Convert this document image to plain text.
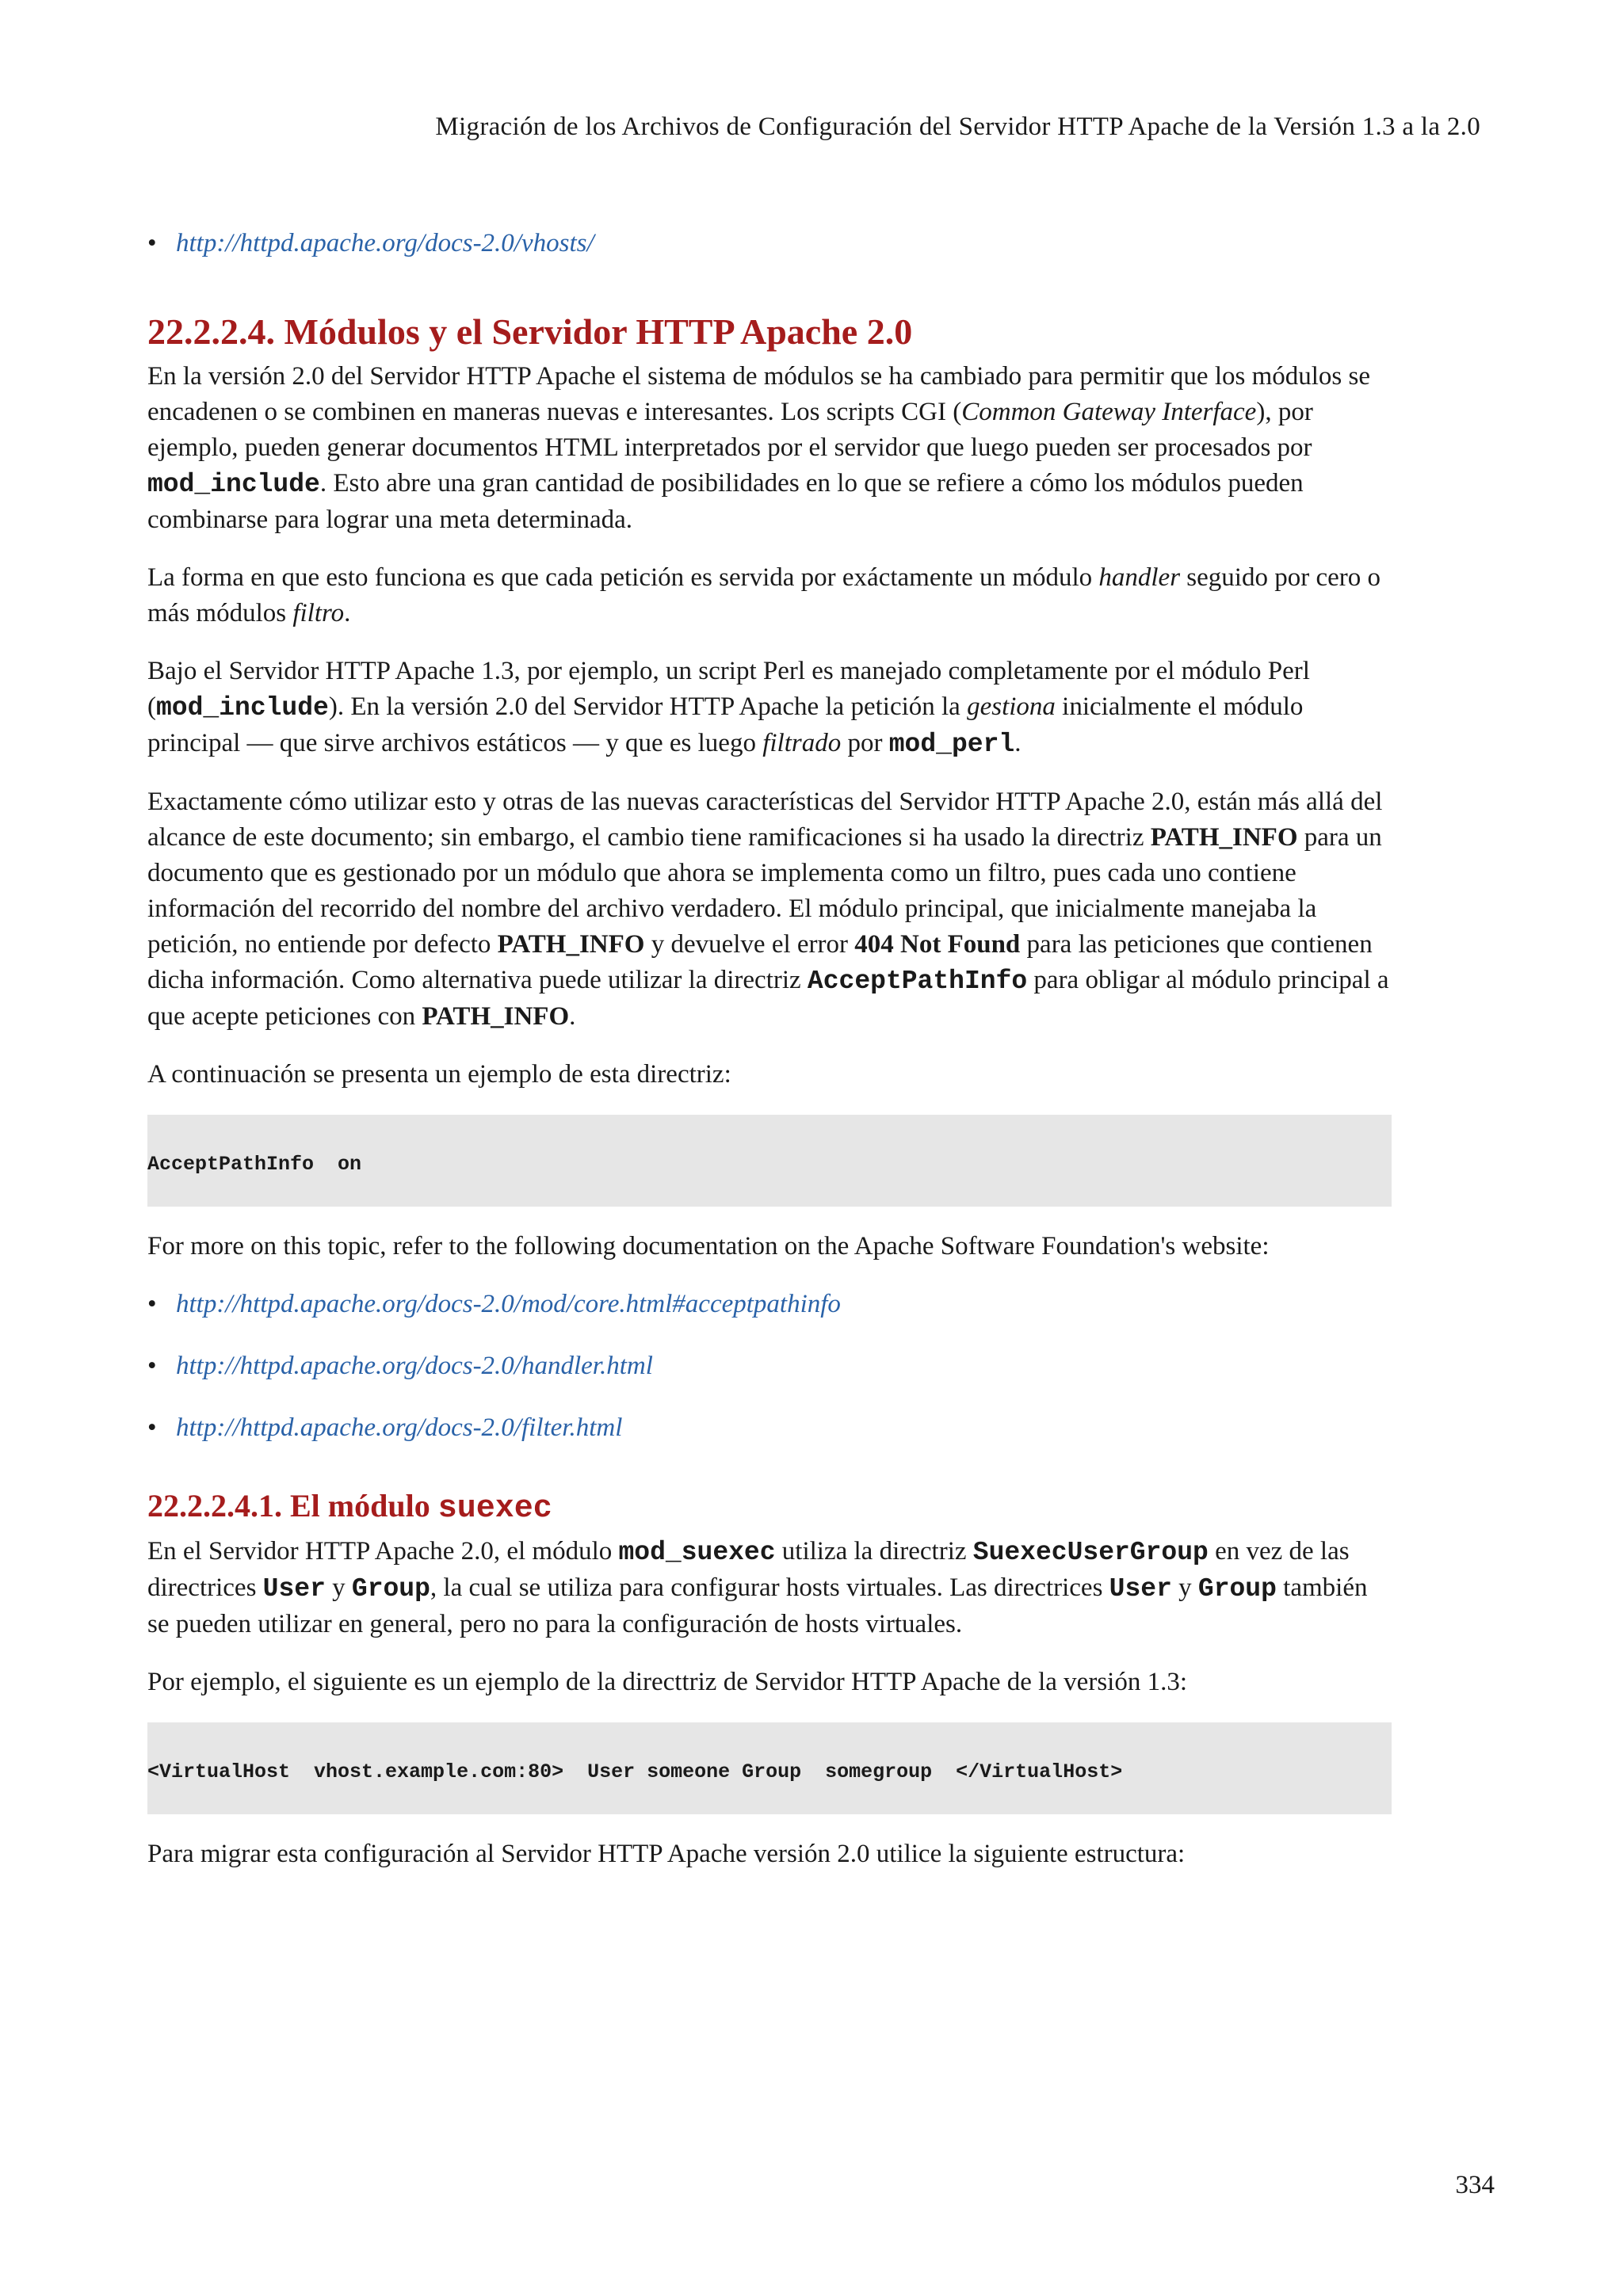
Migración de los Archivos de Configuración del Servidor HTTP Apache de la Versión 1.3 a la 2.0
• http://httpd.apache.org/docs-2.0/vhosts/
22.2.2.4. Módulos y el Servidor HTTP Apache 2.0

En la versión 2.0 del Servidor HTTP Apache el sistema de módulos se ha cambiado para permitir que los módulos se encadenen o se combinen en maneras nuevas e interesantes. Los scripts CGI (Common Gateway Interface), por ejemplo, pueden generar documentos HTML interpretados por el servidor que luego pueden ser procesados por mod_include. Esto abre una gran cantidad de posibilidades en lo que se refiere a cómo los módulos pueden combinarse para lograr una meta determinada.

La forma en que esto funciona es que cada petición es servida por exáctamente un módulo handler seguido por cero o más módulos filtro.

Bajo el Servidor HTTP Apache 1.3, por ejemplo, un script Perl es manejado completamente por el módulo Perl (mod_include). En la versión 2.0 del Servidor HTTP Apache la petición la gestiona inicialmente el módulo principal — que sirve archivos estáticos — y que es luego filtrado por mod_perl.

Exactamente cómo utilizar esto y otras de las nuevas características del Servidor HTTP Apache 2.0, están más allá del alcance de este documento; sin embargo, el cambio tiene ramificaciones si ha usado la directriz PATH_INFO para un documento que es gestionado por un módulo que ahora se implementa como un filtro, pues cada uno contiene información del recorrido del nombre del archivo verdadero. El módulo principal, que inicialmente manejaba la petición, no entiende por defecto PATH_INFO y devuelve el error 404 Not Found para las peticiones que contienen dicha información. Como alternativa puede utilizar la directriz AcceptPathInfo para obligar al módulo principal a que acepte peticiones con PATH_INFO.

A continuación se presenta un ejemplo de esta directriz:

AcceptPathInfo  on

For more on this topic, refer to the following documentation on the Apache Software Foundation's website:

• http://httpd.apache.org/docs-2.0/mod/core.html#acceptpathinfo
• http://httpd.apache.org/docs-2.0/handler.html
• http://httpd.apache.org/docs-2.0/filter.html
22.2.2.4.1. El módulo suexec

En el Servidor HTTP Apache 2.0, el módulo mod_suexec utiliza la directriz SuexecUserGroup en vez de las directrices User y Group, la cual se utiliza para configurar hosts virtuales. Las directrices User y Group también se pueden utilizar en general, pero no para la configuración de hosts virtuales.

Por ejemplo, el siguiente es un ejemplo de la directtriz de Servidor HTTP Apache de la versión 1.3:

<VirtualHost  vhost.example.com:80>  User someone Group  somegroup  </VirtualHost>

Para migrar esta configuración al Servidor HTTP Apache versión 2.0 utilice la siguiente estructura:

334
